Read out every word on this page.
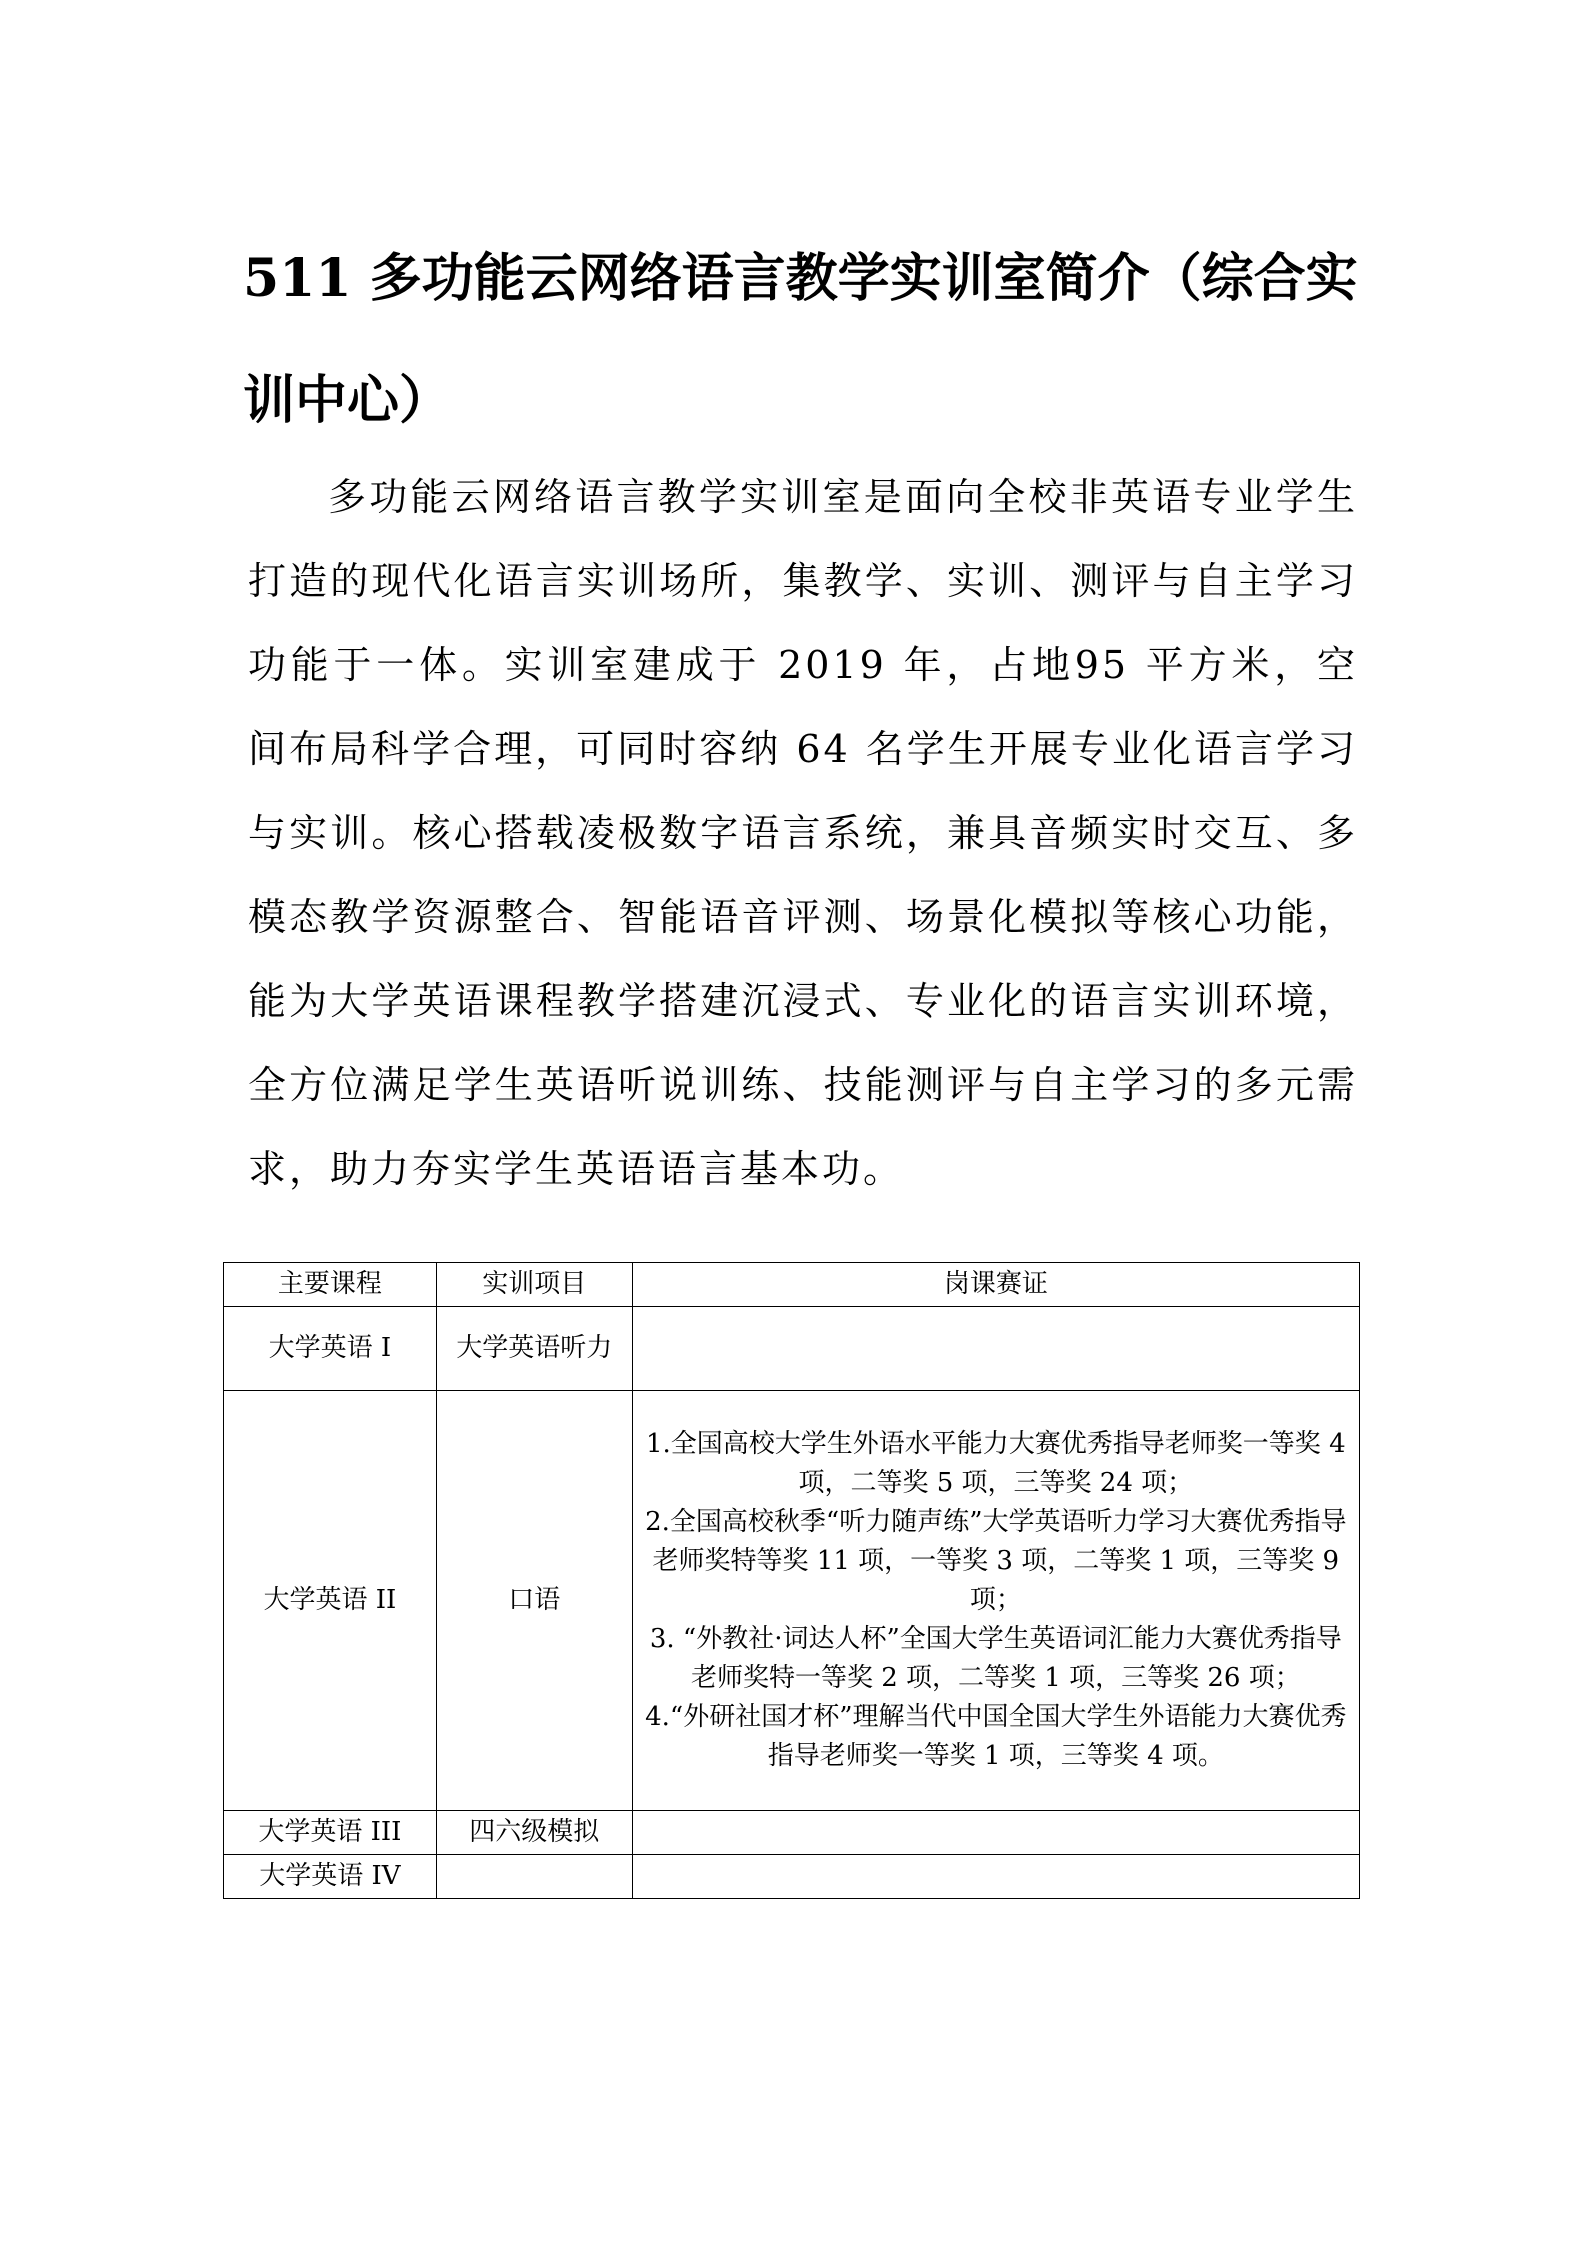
511 多功能云网络语言教学实训室简介（综合实训中心）

多功能云网络语言教学实训室是面向全校非英语专业学生打造的现代化语言实训场所，集教学、实训、测评与自主学习功能于一体。实训室建成于 2019 年，占地95 平方米，空间布局科学合理，可同时容纳 64 名学生开展专业化语言学习与实训。核心搭载凌极数字语言系统，兼具音频实时交互、多模态教学资源整合、智能语音评测、场景化模拟等核心功能，能为大学英语课程教学搭建沉浸式、专业化的语言实训环境，全方位满足学生英语听说训练、技能测评与自主学习的多元需求，助力夯实学生英语语言基本功。

主要课程	实训项目	岗课赛证
大学英语 I	大学英语听力	
大学英语 II	口语	1.全国高校大学生外语水平能力大赛优秀指导老师奖一等奖 4 项，二等奖 5 项，三等奖 24 项；
2.全国高校秋季“听力随声练”大学英语听力学习大赛优秀指导老师奖特等奖 11 项，一等奖 3 项，二等奖 1 项，三等奖 9 项；
3. “外教社·词达人杯”全国大学生英语词汇能力大赛优秀指导老师奖特一等奖 2 项，二等奖 1 项，三等奖 26 项；
4.“外研社国才杯”理解当代中国全国大学生外语能力大赛优秀指导老师奖一等奖 1 项，三等奖 4 项。

大学英语 III	四六级模拟	
大学英语 IV		
